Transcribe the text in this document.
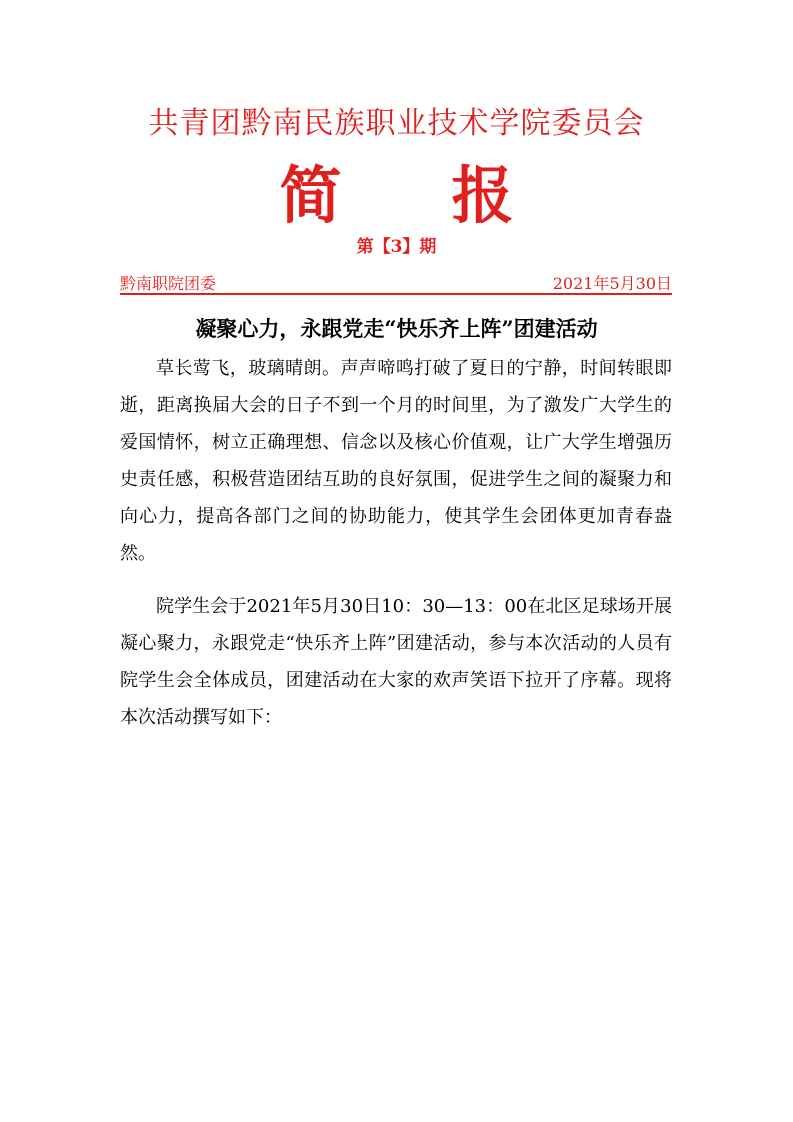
共青团黔南民族职业技术学院委员会
简 报
第【3】期
黔南职院团委	2021年5月30日
凝聚心力，永跟党走“快乐齐上阵”团建活动

草长莺飞，玻璃晴朗。声声啼鸣打破了夏日的宁静，时间转眼即逝，距离换届大会的日子不到一个月的时间里，为了激发广大学生的爱国情怀，树立正确理想、信念以及核心价值观，让广大学生增强历史责任感，积极营造团结互助的良好氛围，促进学生之间的凝聚力和向心力，提高各部门之间的协助能力，使其学生会团体更加青春盎然。

院学生会于2021年5月30日10：30—13：00在北区足球场开展凝心聚力，永跟党走“快乐齐上阵”团建活动，参与本次活动的人员有院学生会全体成员，团建活动在大家的欢声笑语下拉开了序幕。现将本次活动撰写如下：
